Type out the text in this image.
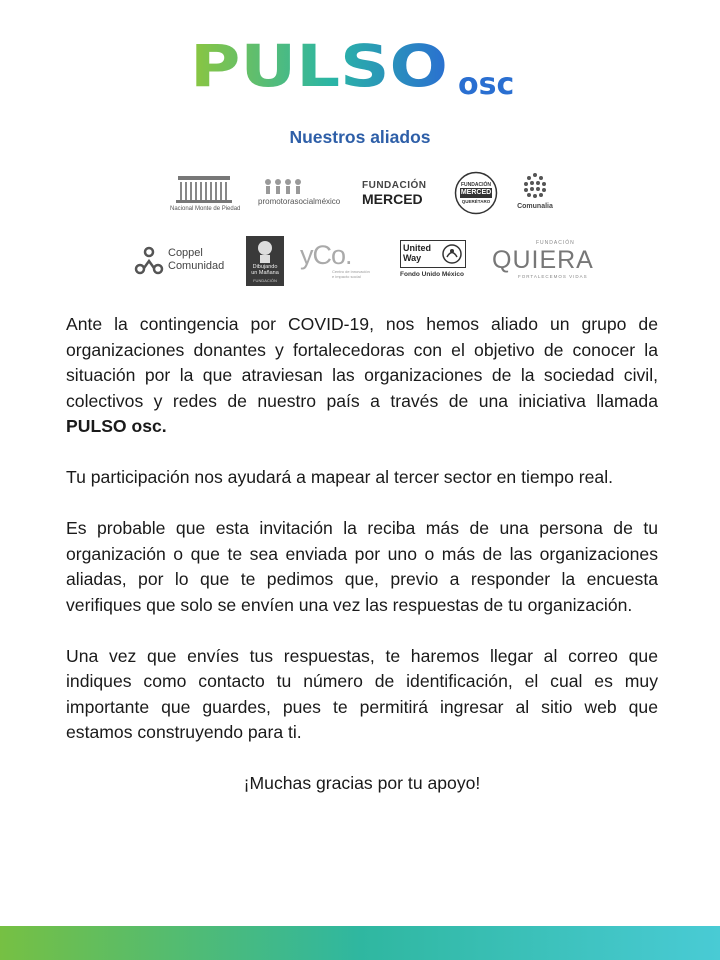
PULSO osc
Nuestros aliados
Nacional Monte de Piedad
promotorasocialméxico
FUNDACIÓN
MERCED
FUNDACIÓN
MERCED
QUERÉTARO
Comunalia
Coppel
Comunidad	Dibujando
un Mañana
FUNDACIÓN
yCo.
Centro de innovación e impacto social
United
Way
Fondo Unido México
FUNDACIÓN
QUIERA
FORTALECEMOS VIDAS

Ante la contingencia por COVID-19, nos hemos aliado un grupo de organizaciones donantes y fortalecedoras con el objetivo de conocer la situación por la que atraviesan las organizaciones de la sociedad civil, colectivos y redes de nuestro país a través de una iniciativa llamada PULSO osc.

Tu participación nos ayudará a mapear al tercer sector en tiempo real.

Es probable que esta invitación la reciba más de una persona de tu organización o que te sea enviada por uno o más de las organizaciones aliadas, por lo que te pedimos que, previo a responder la encuesta verifiques que solo se envíen una vez las respuestas de tu organización.

Una vez que envíes tus respuestas, te haremos llegar al correo que indiques como contacto tu número de identificación, el cual es muy importante que guardes, pues te permitirá ingresar al sitio web que estamos construyendo para ti.

¡Muchas gracias por tu apoyo!
